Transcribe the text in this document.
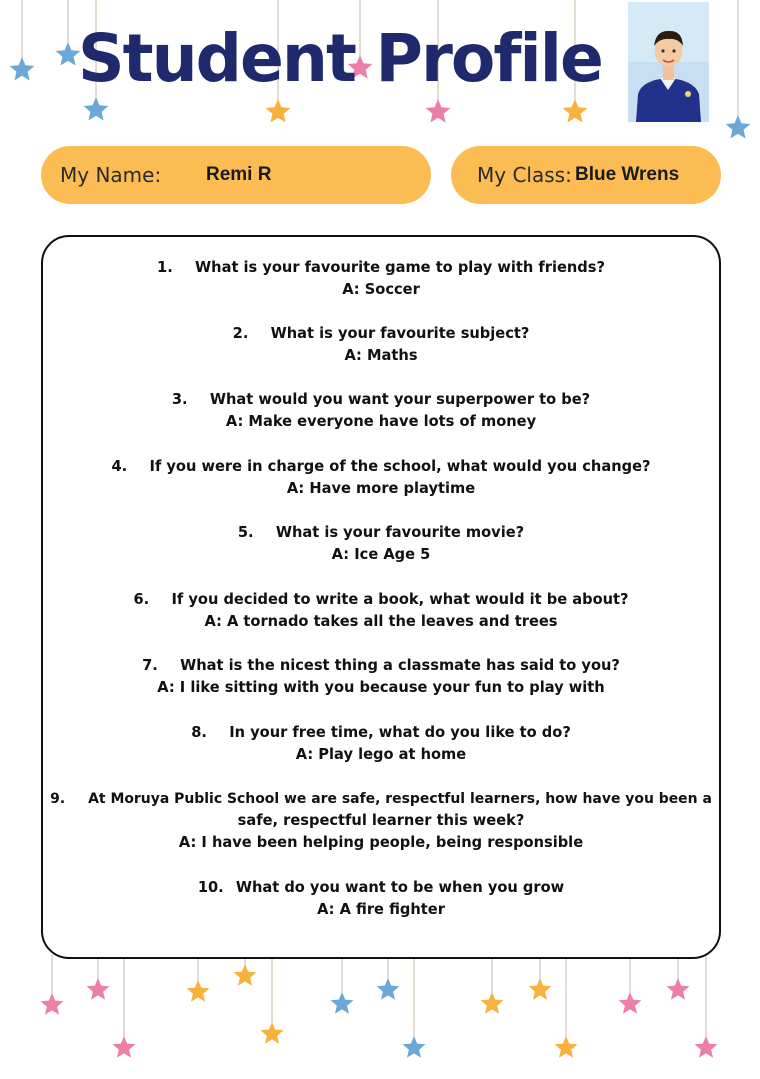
Student Profile
My Name: Remi R	My Class: Blue Wrens
1. What is your favourite game to play with friends?
A: Soccer
2. What is your favourite subject?
A: Maths
3. What would you want your superpower to be?
A: Make everyone have lots of money
4. If you were in charge of the school, what would you change?
A: Have more playtime
5. What is your favourite movie?
A: Ice Age 5
6. If you decided to write a book, what would it be about?
A: A tornado takes all the leaves and trees
7. What is the nicest thing a classmate has said to you?
A: I like sitting with you because your fun to play with
8. In your free time, what do you like to do?
A: Play lego at home
9. At Moruya Public School we are safe, respectful learners, how have you been a
safe, respectful learner this week?
A: I have been helping people, being responsible
10. What do you want to be when you grow
A: A fire fighter
